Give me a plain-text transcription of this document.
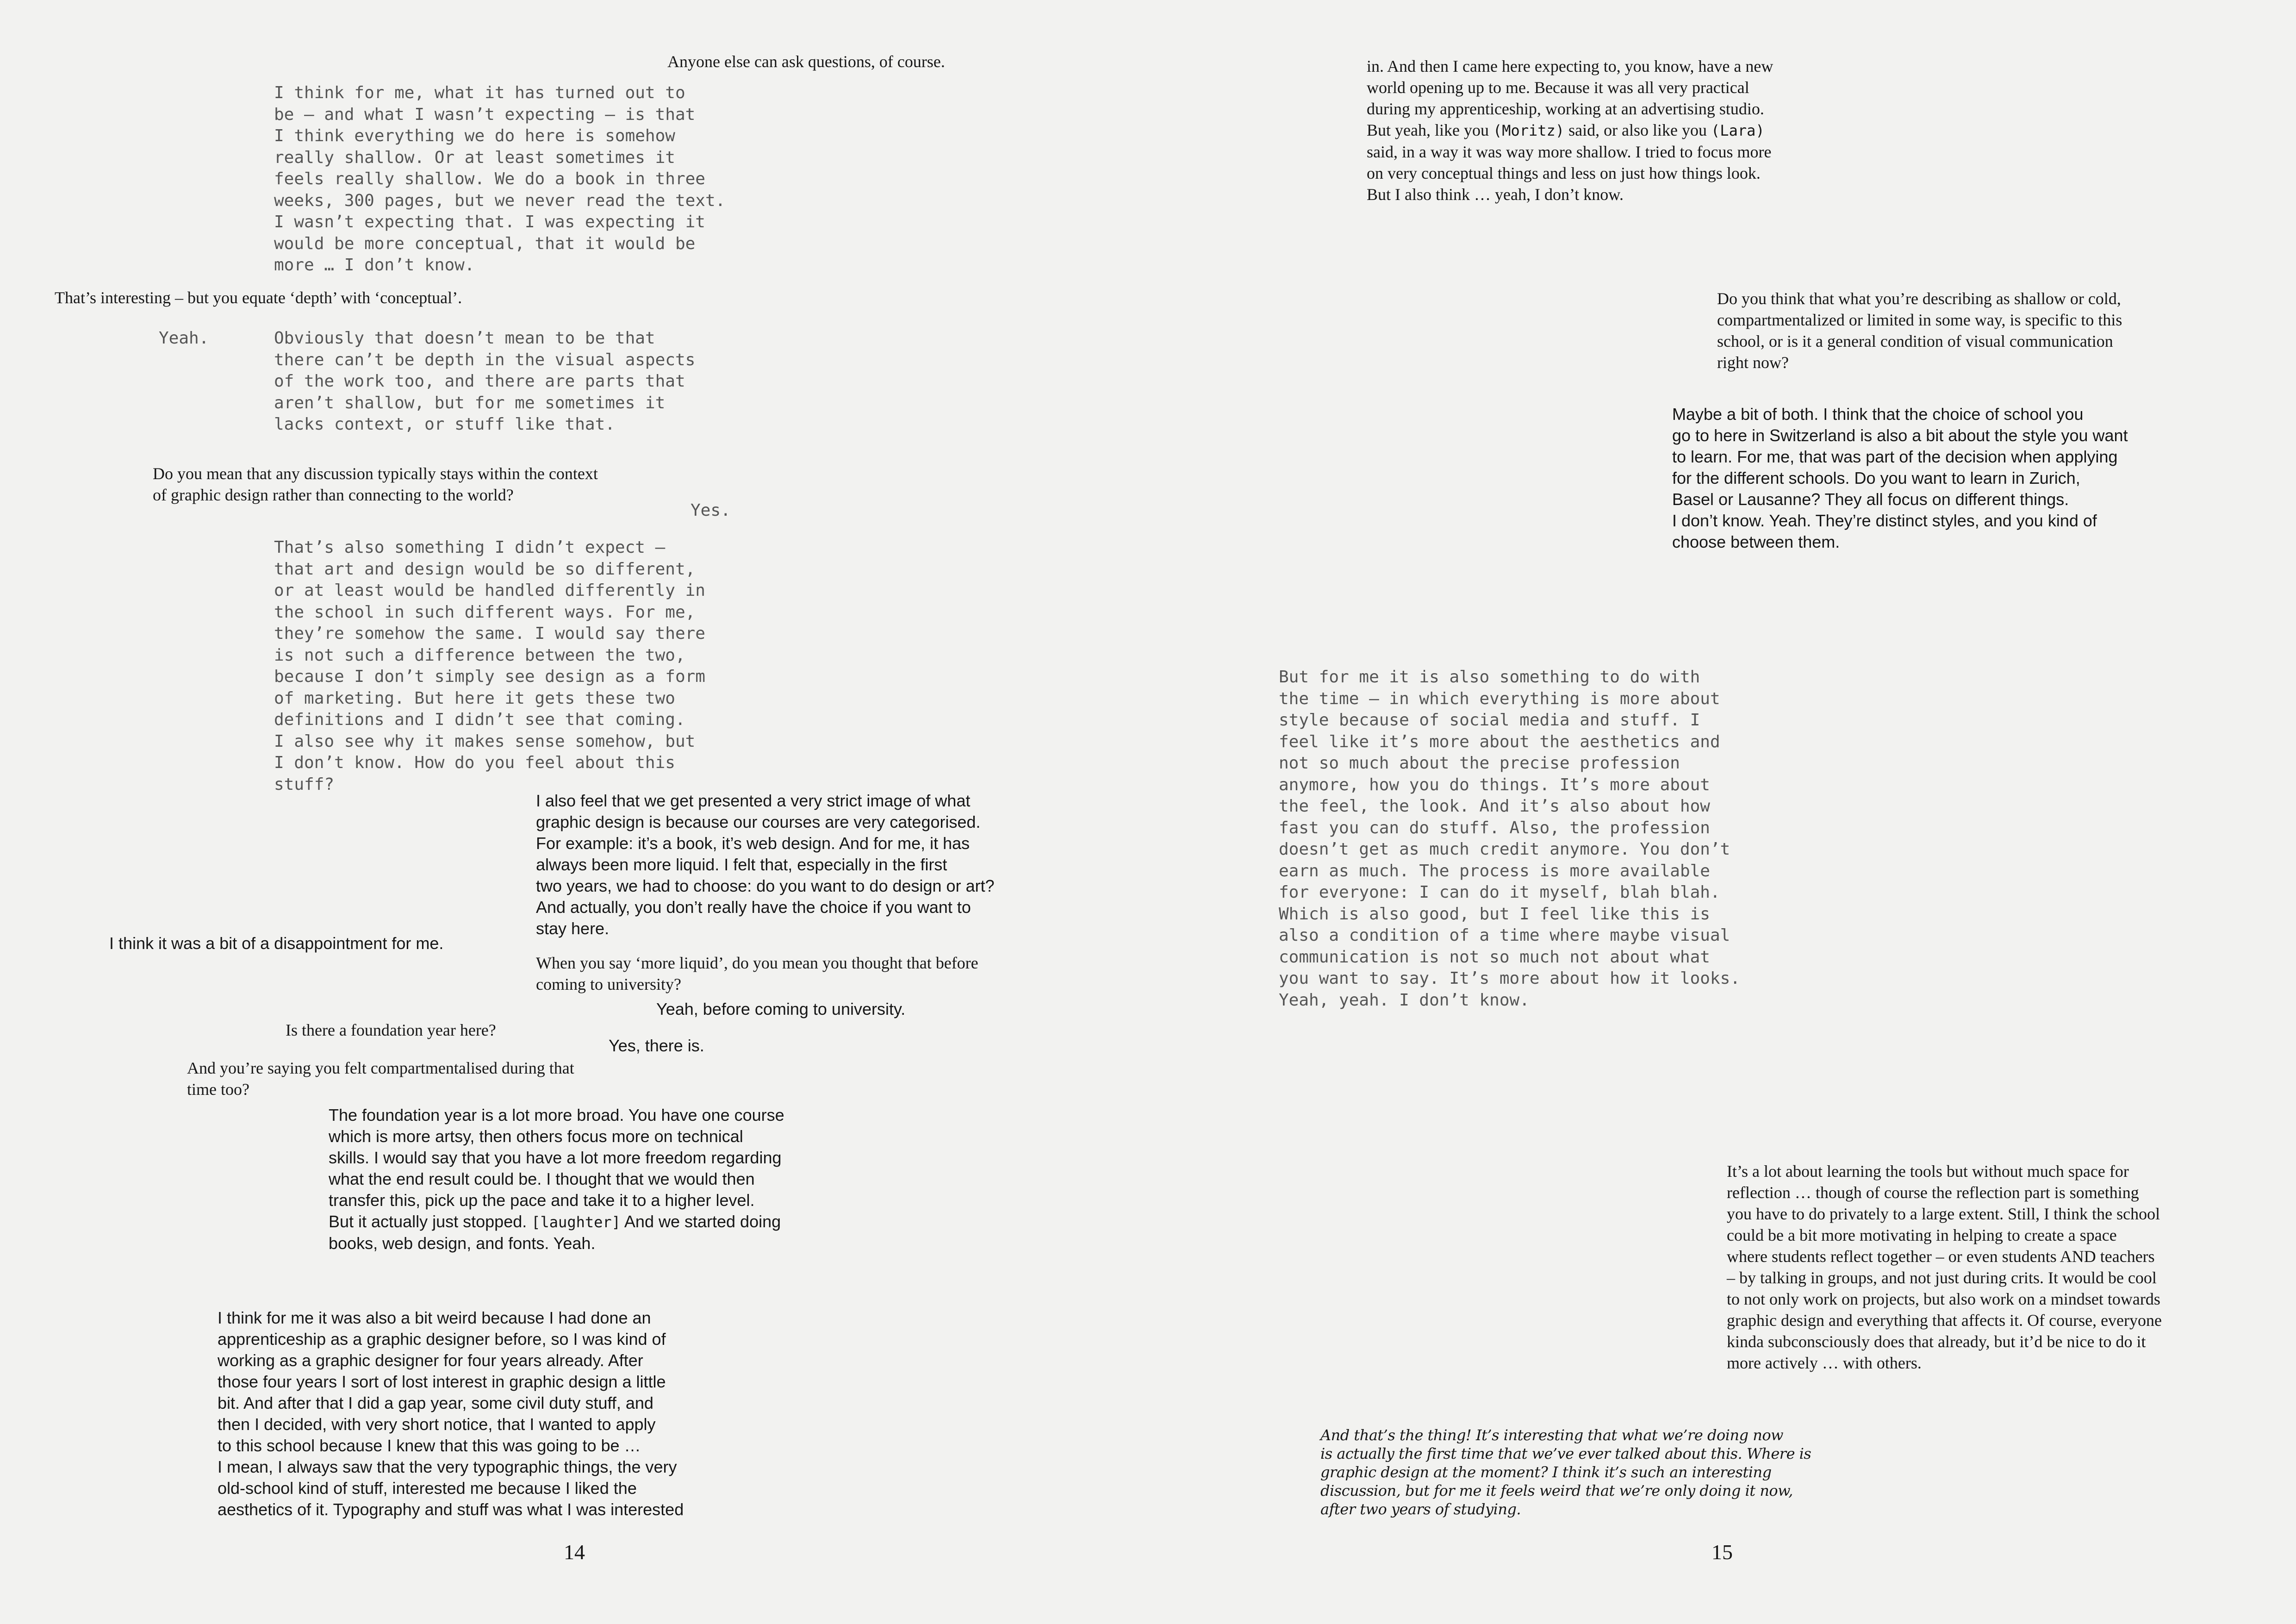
Anyone else can ask questions, of course.

I think for me, what it has turned out to
be – and what I wasn’t expecting – is that
I think everything we do here is somehow
really shallow. Or at least sometimes it
feels really shallow. We do a book in three
weeks, 300 pages, but we never read the text.
I wasn’t expecting that. I was expecting it
would be more conceptual, that it would be
more … I don’t know.

That’s interesting – but you equate ‘depth’ with ‘conceptual’.

Yeah.	Obviously that doesn’t mean to be that
there can’t be depth in the visual aspects
of the work too, and there are parts that
aren’t shallow, but for me sometimes it
lacks context, or stuff like that.

Do you mean that any discussion typically stays within the context
of graphic design rather than connecting to the world?

Yes.

That’s also something I didn’t expect –
that art and design would be so different,
or at least would be handled differently in
the school in such different ways. For me,
they’re somehow the same. I would say there
is not such a difference between the two,
because I don’t simply see design as a form
of marketing. But here it gets these two
definitions and I didn’t see that coming.
I also see why it makes sense somehow, but
I don’t know. How do you feel about this
stuff?

I also feel that we get presented a very strict image of what
graphic design is because our courses are very categorised.
For example: it’s a book, it’s web design. And for me, it has
always been more liquid. I felt that, especially in the first
two years, we had to choose: do you want to do design or art?
And actually, you don’t really have the choice if you want to
stay here.

I think it was a bit of a disappointment for me.

When you say ‘more liquid’, do you mean you thought that before
coming to university?

Yeah, before coming to university.

Is there a foundation year here?

Yes, there is.

And you’re saying you felt compartmentalised during that
time too?

The foundation year is a lot more broad. You have one course
which is more artsy, then others focus more on technical
skills. I would say that you have a lot more freedom regarding
what the end result could be. I thought that we would then
transfer this, pick up the pace and take it to a higher level.
But it actually just stopped. [laughter] And we started doing
books, web design, and fonts. Yeah.

I think for me it was also a bit weird because I had done an
apprenticeship as a graphic designer before, so I was kind of
working as a graphic designer for four years already. After
those four years I sort of lost interest in graphic design a little
bit. And after that I did a gap year, some civil duty stuff, and
then I decided, with very short notice, that I wanted to apply
to this school because I knew that this was going to be …
I mean, I always saw that the very typographic things, the very
old-school kind of stuff, interested me because I liked the
aesthetics of it. Typography and stuff was what I was interested

14

in. And then I came here expecting to, you know, have a new
world opening up to me. Because it was all very practical
during my apprenticeship, working at an advertising studio.
But yeah, like you (Moritz) said, or also like you (Lara)
said, in a way it was way more shallow. I tried to focus more
on very conceptual things and less on just how things look.
But I also think … yeah, I don’t know.

Do you think that what you’re describing as shallow or cold,
compartmentalized or limited in some way, is specific to this
school, or is it a general condition of visual communication
right now?

Maybe a bit of both. I think that the choice of school you
go to here in Switzerland is also a bit about the style you want
to learn. For me, that was part of the decision when applying
for the different schools. Do you want to learn in Zurich,
Basel or Lausanne? They all focus on different things.
I don’t know. Yeah. They’re distinct styles, and you kind of
choose between them.

But for me it is also something to do with
the time – in which everything is more about
style because of social media and stuff. I
feel like it’s more about the aesthetics and
not so much about the precise profession
anymore, how you do things. It’s more about
the feel, the look. And it’s also about how
fast you can do stuff. Also, the profession
doesn’t get as much credit anymore. You don’t
earn as much. The process is more available
for everyone: I can do it myself, blah blah.
Which is also good, but I feel like this is
also a condition of a time where maybe visual
communication is not so much not about what
you want to say. It’s more about how it looks.
Yeah, yeah. I don’t know.

It’s a lot about learning the tools but without much space for
reflection … though of course the reflection part is something
you have to do privately to a large extent. Still, I think the school
could be a bit more motivating in helping to create a space
where students reflect together – or even students AND teachers
– by talking in groups, and not just during crits. It would be cool
to not only work on projects, but also work on a mindset towards
graphic design and everything that affects it. Of course, everyone
kinda subconsciously does that already, but it’d be nice to do it
more actively … with others.

And that’s the thing! It’s interesting that what we’re doing now
is actually the first time that we’ve ever talked about this. Where is
graphic design at the moment? I think it’s such an interesting
discussion, but for me it feels weird that we’re only doing it now,
after two years of studying.

15
